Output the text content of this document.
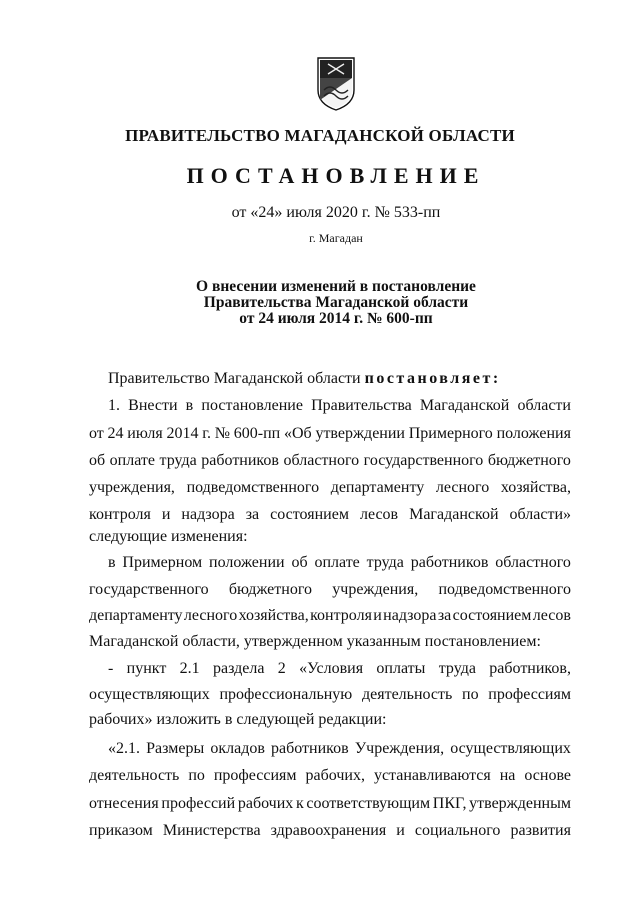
ПРАВИТЕЛЬСТВО МАГАДАНСКОЙ ОБЛАСТИ

ПОСТАНОВЛЕНИЕ

от «24» июля 2020 г. № 533-пп

г. Магадан

О внесении изменений в постановление
Правительства Магаданской области
от 24 июля 2014 г. № 600-пп

Правительство Магаданской области постановляет:

1. Внести в постановление Правительства Магаданской области

от 24 июля 2014 г. № 600-пп «Об утверждении Примерного положения

об оплате труда работников областного государственного бюджетного

учреждения, подведомственного департаменту лесного хозяйства,

контроля и надзора за состоянием лесов Магаданской области»

следующие изменения:

в Примерном положении об оплате труда работников областного

государственного бюджетного учреждения, подведомственного

департаменту лесного хозяйства, контроля и надзора за состоянием лесов

Магаданской области, утвержденном указанным постановлением:

- пункт 2.1 раздела 2 «Условия оплаты труда работников,

осуществляющих профессиональную деятельность по профессиям

рабочих» изложить в следующей редакции:

«2.1. Размеры окладов работников Учреждения, осуществляющих

деятельность по профессиям рабочих, устанавливаются на основе

отнесения профессий рабочих к соответствующим ПКГ, утвержденным

приказом Министерства здравоохранения и социального развития
